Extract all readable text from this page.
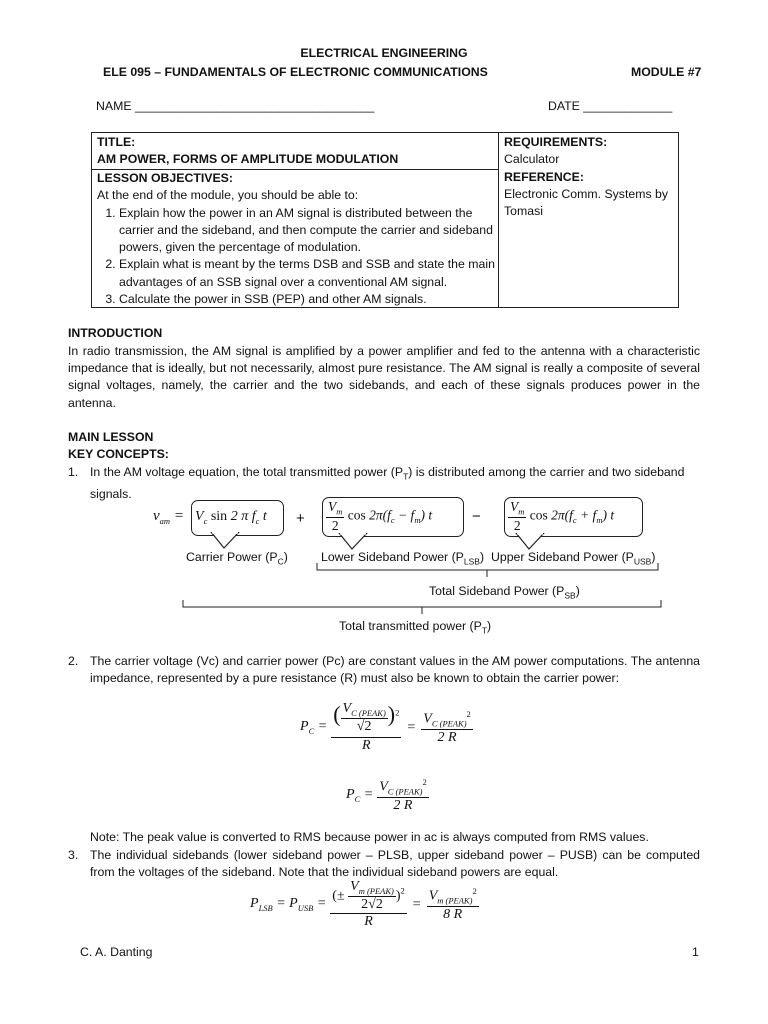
ELECTRICAL ENGINEERING
ELE 095 – FUNDAMENTALS OF ELECTRONIC COMMUNICATIONS	MODULE #7
NAME ___________________________________	DATE _____________
TITLE:
AM POWER, FORMS OF AMPLITUDE MODULATION
LESSON OBJECTIVES:
At the end of the module, you should be able to:
1. Explain how the power in an AM signal is distributed between the carrier and the sideband, and then compute the carrier and sideband powers, given the percentage of modulation.
2. Explain what is meant by the terms DSB and SSB and state the main advantages of an SSB signal over a conventional AM signal.
3. Calculate the power in SSB (PEP) and other AM signals.
REQUIREMENTS:
Calculator
REFERENCE:
Electronic Comm. Systems by Tomasi
INTRODUCTION
In radio transmission, the AM signal is amplified by a power amplifier and fed to the antenna with a characteristic impedance that is ideally, but not necessarily, almost pure resistance. The AM signal is really a composite of several signal voltages, namely, the carrier and the two sidebands, and each of these signals produces power in the antenna.
MAIN LESSON
KEY CONCEPTS:
1. In the AM voltage equation, the total transmitted power $(P_T)$ is distributed among the carrier and two sideband signals.
$v_{am} = V_c$ sin 2 π $f_c$ $t + \frac{V_m}{2}$ $\cos 2\pi(f_c - f_m)$ t	− $\frac{V_m}{2}$ $\cos 2\pi(f_c + f_m)$ t
Carrier Power $(P_C)$	Lower Sideband Power $(P_{LSB})$ Upper Sideband Power $(P_{USB})$
Total Sideband Power $(P_{SB})$
Total transmitted power $(P_T)$
2. The carrier voltage (Vc) and carrier power (Pc) are constant values in the AM power computations. The antenna impedance, represented by a pure resistance (R) must also be known to obtain the carrier power:
$P_C = \frac{( \frac{V_{C (PEAK)}}{√2} )^2}{R} = \frac{V_{C (PEAK)}^2}{2 R}$
$P_C = \frac{V_{C (PEAK)}^2}{2 R}$
Note: The peak value is converted to RMS because power in ac is always computed from RMS values.
3. The individual sidebands (lower sideband power – PLSB, upper sideband power – PUSB) can be computed from the voltages of the sideband. Note that the individual sideband powers are equal.
$P_{LSB} = P_{USB} = \frac{(\pm \frac{V_{m (PEAK)}}{2√2} )^2}{R} = \frac{V_{m (PEAK)}^2}{8 R}$
C. A. Danting	1
